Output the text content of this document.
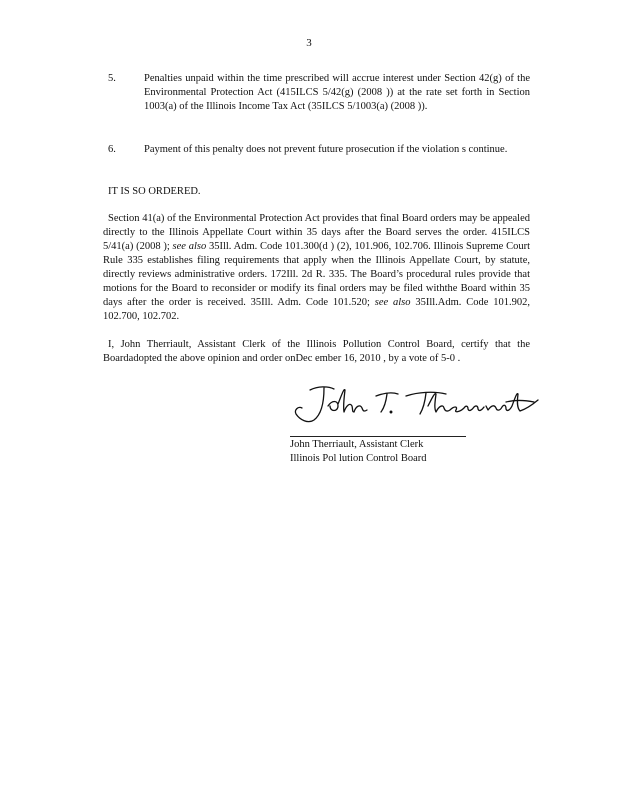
3
5.	Penalties unpaid within the time prescribed will accrue interest under Section 42(g) of the Environmental Protection Act (415ILCS 5/42(g) (2008 )) at the rate set forth in Section 1003(a) of the Illinois Income Tax Act (35ILCS 5/1003(a) (2008 )).
6.	Payment of this penalty does not prevent future prosecution if the violation s continue.
IT IS SO ORDERED.
Section 41(a) of the Environmental Protection Act provides that final Board orders may be appealed directly to the Illinois Appellate Court within 35 days after the Board serves the order. 415ILCS 5/41(a) (2008 ); see also 35Ill. Adm. Code 101.300(d ) (2), 101.906, 102.706. Illinois Supreme Court Rule 335 establishes filing requirements that apply when the Illinois Appellate Court, by statute, directly reviews administrative orders. 172Ill. 2d R. 335. The Board’s procedural rules provide that motions for the Board to reconsider or modify its final orders may be filed withthe Board within 35 days after the order is received. 35Ill. Adm. Code 101.520; see also 35Ill.Adm. Code 101.902, 102.700, 102.702.
I, John Therriault, Assistant Clerk of the Illinois Pollution Control Board, certify that the Boardadopted the above opinion and order onDec ember 16, 2010 , by a vote of 5-0 .
John Therriault, Assistant Clerk
Illinois Pol lution Control Board
